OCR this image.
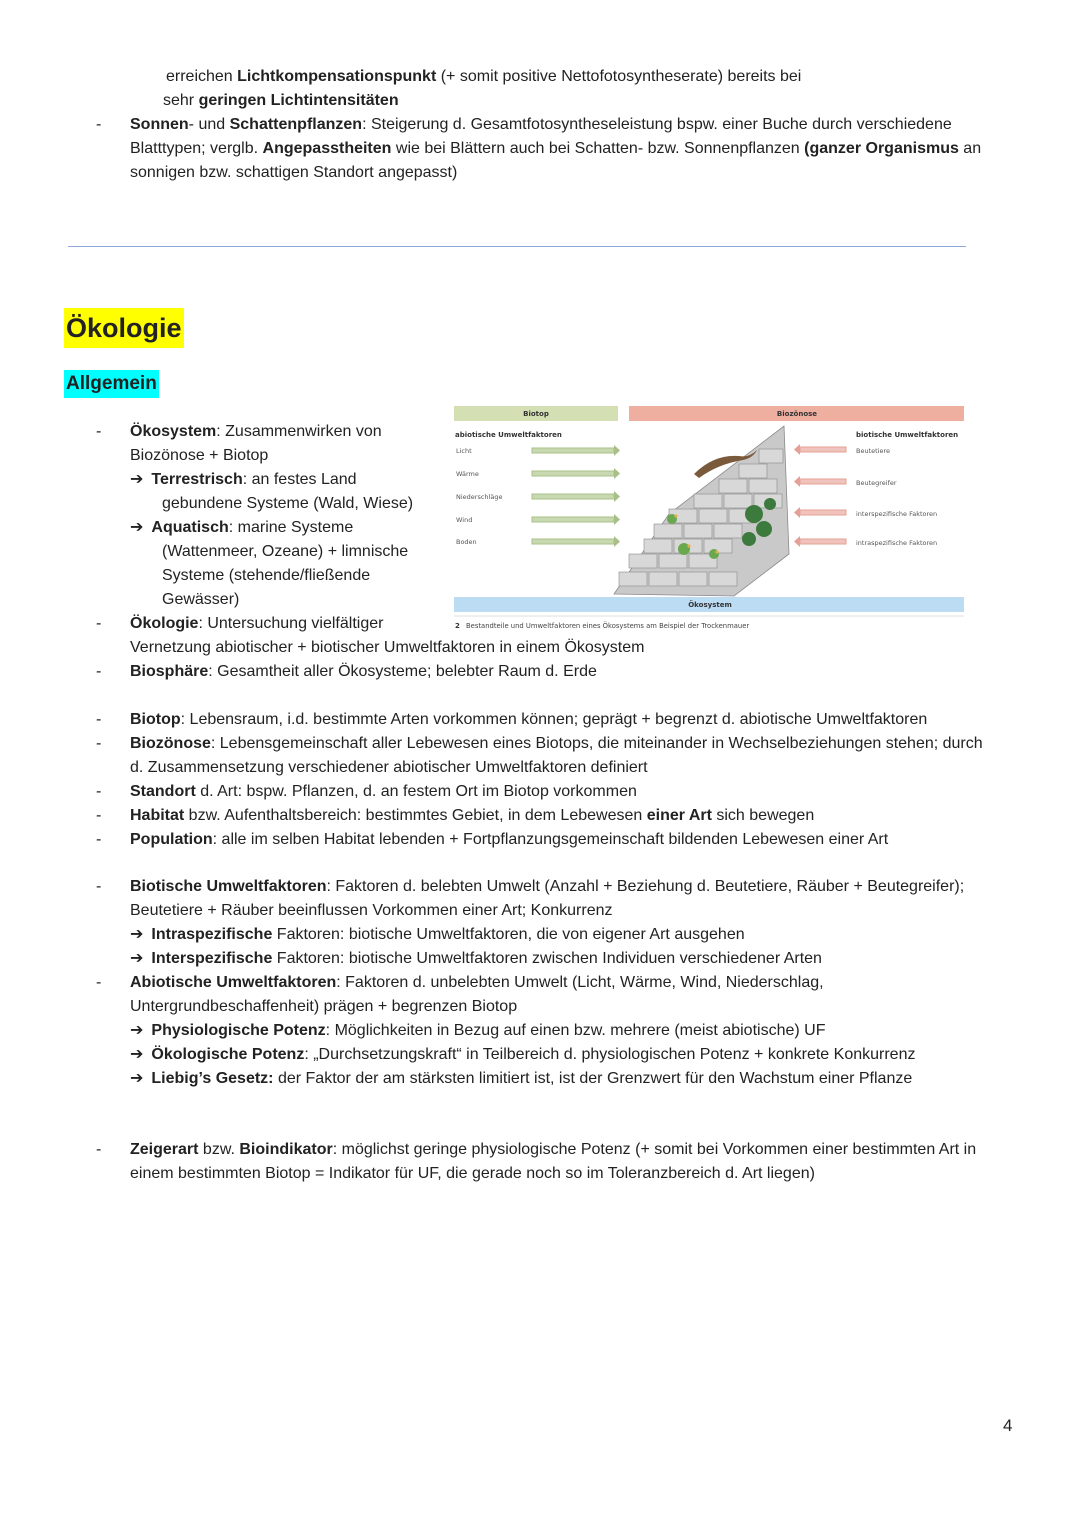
erreichen Lichtkompensationspunkt (+ somit positive Nettofotosyntheserate) bereits bei
sehr geringen Lichtintensitäten
- Sonnen- und Schattenpflanzen: Steigerung d. Gesamtfotosyntheseleistung bspw. einer Buche durch verschiedene
Blatttypen; verglb. Angepasstheiten wie bei Blättern auch bei Schatten- bzw. Sonnenpflanzen (ganzer Organismus an
sonnigen bzw. schattigen Standort angepasst)
Ökologie
Allgemein
Biotop	Biozönose
abiotische Umweltfaktoren
Licht
Wärme
Niederschläge
Wind
Boden
biotische Umweltfaktoren
Beutetiere
Beutegreifer
interspezifische Faktoren
intraspezifische Faktoren
Ökosystem
2 Bestandteile und Umweltfaktoren eines Ökosystems am Beispiel der Trockenmauer
- Ökosystem: Zusammenwirken von
Biozönose + Biotop
➔ Terrestrisch: an festes Land
gebundene Systeme (Wald, Wiese)
➔ Aquatisch: marine Systeme
(Wattenmeer, Ozeane) + limnische
Systeme (stehende/fließende
Gewässer)
- Ökologie: Untersuchung vielfältiger
Vernetzung abiotischer + biotischer Umweltfaktoren in einem Ökosystem
- Biosphäre: Gesamtheit aller Ökosysteme; belebter Raum d. Erde
- Biotop: Lebensraum, i.d. bestimmte Arten vorkommen können; geprägt + begrenzt d. abiotische Umweltfaktoren
- Biozönose: Lebensgemeinschaft aller Lebewesen eines Biotops, die miteinander in Wechselbeziehungen stehen; durch
d. Zusammensetzung verschiedener abiotischer Umweltfaktoren definiert
- Standort d. Art: bspw. Pflanzen, d. an festem Ort im Biotop vorkommen
- Habitat bzw. Aufenthaltsbereich: bestimmtes Gebiet, in dem Lebewesen einer Art sich bewegen
- Population: alle im selben Habitat lebenden + Fortpflanzungsgemeinschaft bildenden Lebewesen einer Art
- Biotische Umweltfaktoren: Faktoren d. belebten Umwelt (Anzahl + Beziehung d. Beutetiere, Räuber + Beutegreifer);
Beutetiere + Räuber beeinflussen Vorkommen einer Art; Konkurrenz
➔ Intraspezifische Faktoren: biotische Umweltfaktoren, die von eigener Art ausgehen
➔ Interspezifische Faktoren: biotische Umweltfaktoren zwischen Individuen verschiedener Arten
- Abiotische Umweltfaktoren: Faktoren d. unbelebten Umwelt (Licht, Wärme, Wind, Niederschlag,
Untergrundbeschaffenheit) prägen + begrenzen Biotop
➔ Physiologische Potenz: Möglichkeiten in Bezug auf einen bzw. mehrere (meist abiotische) UF
➔ Ökologische Potenz: „Durchsetzungskraft“ in Teilbereich d. physiologischen Potenz + konkrete Konkurrenz
➔ Liebig’s Gesetz: der Faktor der am stärksten limitiert ist, ist der Grenzwert für den Wachstum einer Pflanze
- Zeigerart bzw. Bioindikator: möglichst geringe physiologische Potenz (+ somit bei Vorkommen einer bestimmten Art in
einem bestimmten Biotop = Indikator für UF, die gerade noch so im Toleranzbereich d. Art liegen)
4
